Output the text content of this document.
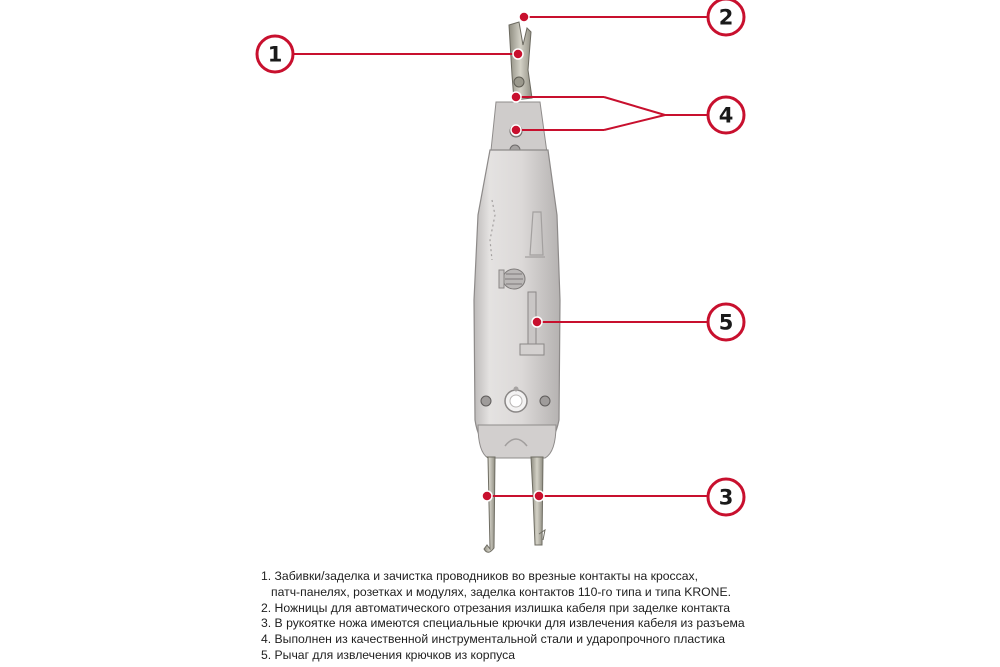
1
2
4
5
3
1. Забивки/заделка и зачистка проводников во врезные контакты на кроссах,
патч-панелях, розетках и модулях, заделка контактов 110-го типа и типа KRONE.
2. Ножницы для автоматического отрезания излишка кабеля при заделке контакта
3. В рукоятке ножа имеются специальные крючки для извлечения кабеля из разъема
4. Выполнен из качественной инструментальной стали и ударопрочного пластика
5. Рычаг для извлечения крючков из корпуса
